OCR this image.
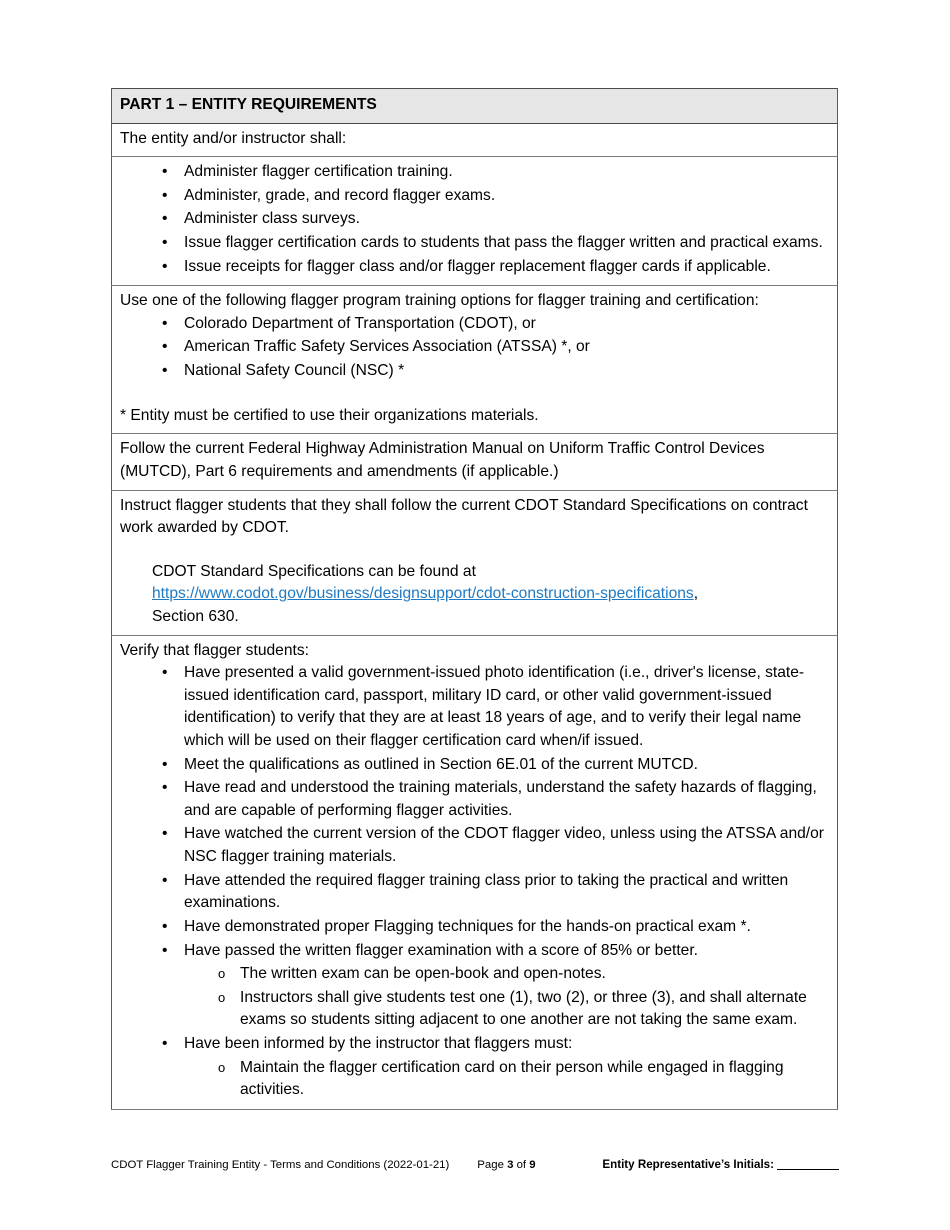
PART 1 – ENTITY REQUIREMENTS

The entity and/or instructor shall:

• Administer flagger certification training.
• Administer, grade, and record flagger exams.
• Administer class surveys.
• Issue flagger certification cards to students that pass the flagger written and practical exams.
• Issue receipts for flagger class and/or flagger replacement flagger cards if applicable.

Use one of the following flagger program training options for flagger training and certification:

• Colorado Department of Transportation (CDOT), or
• American Traffic Safety Services Association (ATSSA) *, or
• National Safety Council (NSC) *

* Entity must be certified to use their organizations materials.

Follow the current Federal Highway Administration Manual on Uniform Traffic Control Devices (MUTCD), Part 6 requirements and amendments (if applicable.)

Instruct flagger students that they shall follow the current CDOT Standard Specifications on contract work awarded by CDOT.

CDOT Standard Specifications can be found at

https://www.codot.gov/business/designsupport/cdot-construction-specifications,

Section 630.

Verify that flagger students:

• Have presented a valid government-issued photo identification (i.e., driver's license, state-issued identification card, passport, military ID card, or other valid government-issued identification) to verify that they are at least 18 years of age, and to verify their legal name which will be used on their flagger certification card when/if issued.
• Meet the qualifications as outlined in Section 6E.01 of the current MUTCD.
• Have read and understood the training materials, understand the safety hazards of flagging, and are capable of performing flagger activities.
• Have watched the current version of the CDOT flagger video, unless using the ATSSA and/or NSC flagger training materials.
• Have attended the required flagger training class prior to taking the practical and written examinations.
• Have demonstrated proper Flagging techniques for the hands-on practical exam *.
• Have passed the written flagger examination with a score of 85% or better.
o The written exam can be open-book and open-notes.
o Instructors shall give students test one (1), two (2), or three (3), and shall alternate exams so students sitting adjacent to one another are not taking the same exam.
• Have been informed by the instructor that flaggers must:
o Maintain the flagger certification card on their person while engaged in flagging activities.
CDOT Flagger Training Entity - Terms and Conditions (2022-01-21) Page 3 of 9	Entity Representative’s Initials:
